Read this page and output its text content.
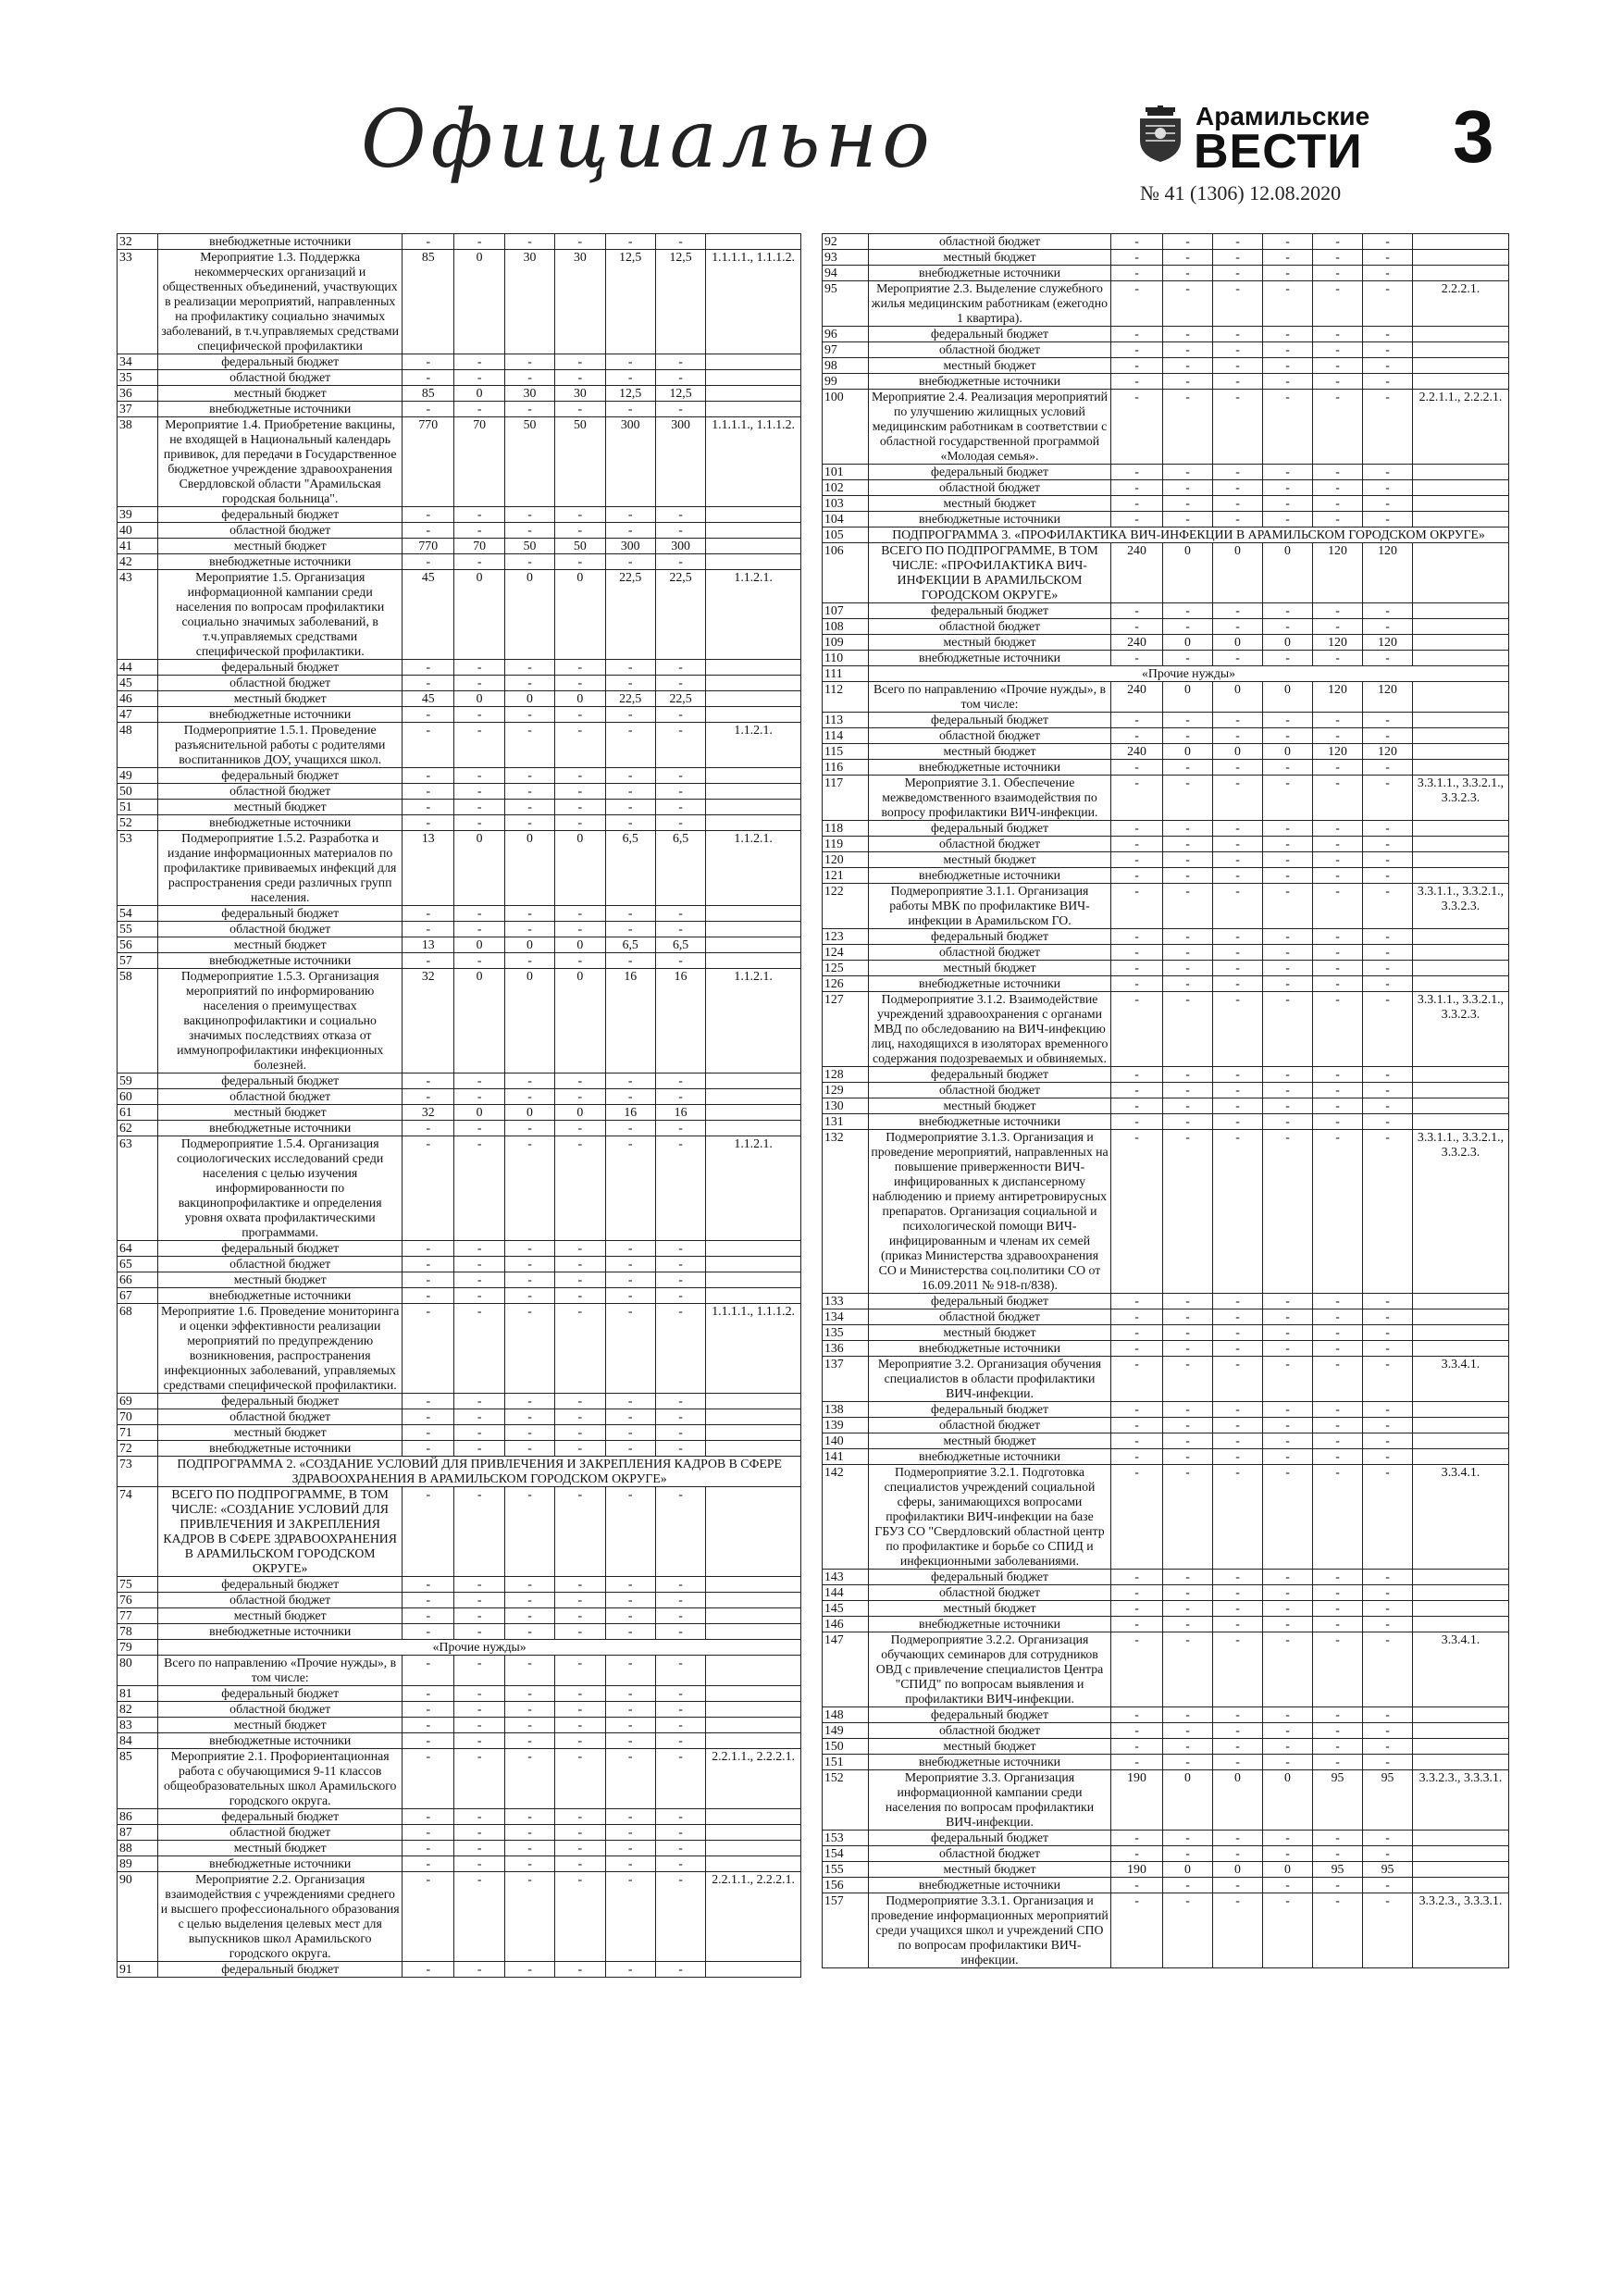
Официально	Арамильские
ВЕСТИ
№ 41 (1306) 12.08.2020
3
32	внебюджетные источники	-	-	-	-	-	-	
33	Мероприятие 1.3. Поддержка некоммерческих организаций и общественных объединений, участвующих в реализации мероприятий, направленных на профилактику социально значимых заболеваний, в т.ч.управляемых средствами специфической профилактики	85	0	30	30	12,5	12,5	1.1.1.1., 1.1.1.2.
34	федеральный бюджет	-	-	-	-	-	-	
35	областной бюджет	-	-	-	-	-	-	
36	местный бюджет	85	0	30	30	12,5	12,5	
37	внебюджетные источники	-	-	-	-	-	-	
38	Мероприятие 1.4. Приобретение вакцины, не входящей в Национальный календарь прививок, для передачи в Государственное бюджетное учреждение здравоохранения Свердловской области "Арамильская городская больница".	770	70	50	50	300	300	1.1.1.1., 1.1.1.2.
39	федеральный бюджет	-	-	-	-	-	-	
40	областной бюджет	-	-	-	-	-	-	
41	местный бюджет	770	70	50	50	300	300	
42	внебюджетные источники	-	-	-	-	-	-	
43	Мероприятие 1.5. Организация информационной кампании среди населения по вопросам профилактики социально значимых заболеваний, в т.ч.управляемых средствами специфической профилактики.	45	0	0	0	22,5	22,5	1.1.2.1.
44	федеральный бюджет	-	-	-	-	-	-	
45	областной бюджет	-	-	-	-	-	-	
46	местный бюджет	45	0	0	0	22,5	22,5	
47	внебюджетные источники	-	-	-	-	-	-	
48	Подмероприятие 1.5.1. Проведение разъяснительной работы с родителями воспитанников ДОУ, учащихся школ.	-	-	-	-	-	-	1.1.2.1.
49	федеральный бюджет	-	-	-	-	-	-	
50	областной бюджет	-	-	-	-	-	-	
51	местный бюджет	-	-	-	-	-	-	
52	внебюджетные источники	-	-	-	-	-	-	
53	Подмероприятие 1.5.2. Разработка и издание информационных материалов по профилактике прививаемых инфекций для распространения среди различных групп населения.	13	0	0	0	6,5	6,5	1.1.2.1.
54	федеральный бюджет	-	-	-	-	-	-	
55	областной бюджет	-	-	-	-	-	-	
56	местный бюджет	13	0	0	0	6,5	6,5	
57	внебюджетные источники	-	-	-	-	-	-	
58	Подмероприятие 1.5.3. Организация мероприятий по информированию населения о преимуществах вакцинопрофилактики и социально значимых последствиях отказа от иммунопрофилактики инфекционных болезней.	32	0	0	0	16	16	1.1.2.1.
59	федеральный бюджет	-	-	-	-	-	-	
60	областной бюджет	-	-	-	-	-	-	
61	местный бюджет	32	0	0	0	16	16	
62	внебюджетные источники	-	-	-	-	-	-	
63	Подмероприятие 1.5.4. Организация социологических исследований среди населения с целью изучения информированности по вакцинопрофилактике и определения уровня охвата профилактическими программами.	-	-	-	-	-	-	1.1.2.1.
64	федеральный бюджет	-	-	-	-	-	-	
65	областной бюджет	-	-	-	-	-	-	
66	местный бюджет	-	-	-	-	-	-	
67	внебюджетные источники	-	-	-	-	-	-	
68	Мероприятие 1.6. Проведение мониторинга и оценки эффективности реализации мероприятий по предупреждению возникновения, распространения инфекционных заболеваний, управляемых средствами специфической профилактики.	-	-	-	-	-	-	1.1.1.1., 1.1.1.2.
69	федеральный бюджет	-	-	-	-	-	-	
70	областной бюджет	-	-	-	-	-	-	
71	местный бюджет	-	-	-	-	-	-	
72	внебюджетные источники	-	-	-	-	-	-	
73	ПОДПРОГРАММА 2. «СОЗДАНИЕ УСЛОВИЙ ДЛЯ ПРИВЛЕЧЕНИЯ И ЗАКРЕПЛЕНИЯ КАДРОВ В СФЕРЕ ЗДРАВООХРАНЕНИЯ В АРАМИЛЬСКОМ ГОРОДСКОМ ОКРУГЕ»							
74	ВСЕГО ПО ПОДПРОГРАММЕ, В ТОМ ЧИСЛЕ: «СОЗДАНИЕ УСЛОВИЙ ДЛЯ ПРИВЛЕЧЕНИЯ И ЗАКРЕПЛЕНИЯ КАДРОВ В СФЕРЕ ЗДРАВООХРАНЕНИЯ В АРАМИЛЬСКОМ ГОРОДСКОМ ОКРУГЕ»	-	-	-	-	-	-	
75	федеральный бюджет	-	-	-	-	-	-	
76	областной бюджет	-	-	-	-	-	-	
77	местный бюджет	-	-	-	-	-	-	
78	внебюджетные источники	-	-	-	-	-	-	
79	«Прочие нужды»							
80	Всего по направлению «Прочие нужды», в том числе:	-	-	-	-	-	-	
81	федеральный бюджет	-	-	-	-	-	-	
82	областной бюджет	-	-	-	-	-	-	
83	местный бюджет	-	-	-	-	-	-	
84	внебюджетные источники	-	-	-	-	-	-	
85	Мероприятие 2.1. Профориентационная работа с обучающимися 9-11 классов общеобразовательных школ Арамильского городского округа.	-	-	-	-	-	-	2.2.1.1., 2.2.2.1.
86	федеральный бюджет	-	-	-	-	-	-	
87	областной бюджет	-	-	-	-	-	-	
88	местный бюджет	-	-	-	-	-	-	
89	внебюджетные источники	-	-	-	-	-	-	
90	Мероприятие 2.2. Организация взаимодействия с учреждениями среднего и высшего профессионального образования с целью выделения целевых мест для выпускников школ Арамильского городского округа.	-	-	-	-	-	-	2.2.1.1., 2.2.2.1.
91	федеральный бюджет	-	-	-	-	-	-	
92	областной бюджет	-	-	-	-	-	-	
93	местный бюджет	-	-	-	-	-	-	
94	внебюджетные источники	-	-	-	-	-	-	
95	Мероприятие 2.3. Выделение служебного жилья медицинским работникам (ежегодно 1 квартира).	-	-	-	-	-	-	2.2.2.1.
96	федеральный бюджет	-	-	-	-	-	-	
97	областной бюджет	-	-	-	-	-	-	
98	местный бюджет	-	-	-	-	-	-	
99	внебюджетные источники	-	-	-	-	-	-	
100	Мероприятие 2.4. Реализация мероприятий по улучшению жилищных условий медицинским работникам в соответствии с областной государственной программой «Молодая семья».	-	-	-	-	-	-	2.2.1.1., 2.2.2.1.
101	федеральный бюджет	-	-	-	-	-	-	
102	областной бюджет	-	-	-	-	-	-	
103	местный бюджет	-	-	-	-	-	-	
104	внебюджетные источники	-	-	-	-	-	-	
105	ПОДПРОГРАММА 3. «ПРОФИЛАКТИКА ВИЧ-ИНФЕКЦИИ В АРАМИЛЬСКОМ ГОРОДСКОМ ОКРУГЕ»							
106	ВСЕГО ПО ПОДПРОГРАММЕ, В ТОМ ЧИСЛЕ: «ПРОФИЛАКТИКА ВИЧ-ИНФЕКЦИИ В АРАМИЛЬСКОМ ГОРОДСКОМ ОКРУГЕ»	240	0	0	0	120	120	
107	федеральный бюджет	-	-	-	-	-	-	
108	областной бюджет	-	-	-	-	-	-	
109	местный бюджет	240	0	0	0	120	120	
110	внебюджетные источники	-	-	-	-	-	-	
111	«Прочие нужды»							
112	Всего по направлению «Прочие нужды», в том числе:	240	0	0	0	120	120	
113	федеральный бюджет	-	-	-	-	-	-	
114	областной бюджет	-	-	-	-	-	-	
115	местный бюджет	240	0	0	0	120	120	
116	внебюджетные источники	-	-	-	-	-	-	
117	Мероприятие 3.1. Обеспечение межведомственного взаимодействия по вопросу профилактики ВИЧ-инфекции.	-	-	-	-	-	-	3.3.1.1., 3.3.2.1., 3.3.2.3.
118	федеральный бюджет	-	-	-	-	-	-	
119	областной бюджет	-	-	-	-	-	-	
120	местный бюджет	-	-	-	-	-	-	
121	внебюджетные источники	-	-	-	-	-	-	
122	Подмероприятие 3.1.1. Организация работы МВК по профилактике ВИЧ-инфекции в Арамильском ГО.	-	-	-	-	-	-	3.3.1.1., 3.3.2.1., 3.3.2.3.
123	федеральный бюджет	-	-	-	-	-	-	
124	областной бюджет	-	-	-	-	-	-	
125	местный бюджет	-	-	-	-	-	-	
126	внебюджетные источники	-	-	-	-	-	-	
127	Подмероприятие 3.1.2. Взаимодействие учреждений здравоохранения с органами МВД по обследованию на ВИЧ-инфекцию лиц, находящихся в изоляторах временного содержания подозреваемых и обвиняемых.	-	-	-	-	-	-	3.3.1.1., 3.3.2.1., 3.3.2.3.
128	федеральный бюджет	-	-	-	-	-	-	
129	областной бюджет	-	-	-	-	-	-	
130	местный бюджет	-	-	-	-	-	-	
131	внебюджетные источники	-	-	-	-	-	-	
132	Подмероприятие 3.1.3. Организация и проведение мероприятий, направленных на повышение приверженности ВИЧ-инфицированных к диспансерному наблюдению и приему антиретровирусных препаратов. Организация социальной и психологической помощи ВИЧ-инфицированным и членам их семей (приказ Министерства здравоохранения СО и Министерства соц.политики СО от 16.09.2011 № 918-п/838).	-	-	-	-	-	-	3.3.1.1., 3.3.2.1., 3.3.2.3.
133	федеральный бюджет	-	-	-	-	-	-	
134	областной бюджет	-	-	-	-	-	-	
135	местный бюджет	-	-	-	-	-	-	
136	внебюджетные источники	-	-	-	-	-	-	
137	Мероприятие 3.2. Организация обучения специалистов в области профилактики ВИЧ-инфекции.	-	-	-	-	-	-	3.3.4.1.
138	федеральный бюджет	-	-	-	-	-	-	
139	областной бюджет	-	-	-	-	-	-	
140	местный бюджет	-	-	-	-	-	-	
141	внебюджетные источники	-	-	-	-	-	-	
142	Подмероприятие 3.2.1. Подготовка специалистов учреждений социальной сферы, занимающихся вопросами профилактики ВИЧ-инфекции на базе ГБУЗ СО "Свердловский областной центр по профилактике и борьбе со СПИД и инфекционными заболеваниями.	-	-	-	-	-	-	3.3.4.1.
143	федеральный бюджет	-	-	-	-	-	-	
144	областной бюджет	-	-	-	-	-	-	
145	местный бюджет	-	-	-	-	-	-	
146	внебюджетные источники	-	-	-	-	-	-	
147	Подмероприятие 3.2.2. Организация обучающих семинаров для сотрудников ОВД с привлечение специалистов Центра "СПИД" по вопросам выявления и профилактики ВИЧ-инфекции.	-	-	-	-	-	-	3.3.4.1.
148	федеральный бюджет	-	-	-	-	-	-	
149	областной бюджет	-	-	-	-	-	-	
150	местный бюджет	-	-	-	-	-	-	
151	внебюджетные источники	-	-	-	-	-	-	
152	Мероприятие 3.3. Организация информационной кампании среди населения по вопросам профилактики ВИЧ-инфекции.	190	0	0	0	95	95	3.3.2.3., 3.3.3.1.
153	федеральный бюджет	-	-	-	-	-	-	
154	областной бюджет	-	-	-	-	-	-	
155	местный бюджет	190	0	0	0	95	95	
156	внебюджетные источники	-	-	-	-	-	-	
157	Подмероприятие 3.3.1. Организация и проведение информационных мероприятий среди учащихся школ и учреждений СПО по вопросам профилактики ВИЧ-инфекции.	-	-	-	-	-	-	3.3.2.3., 3.3.3.1.
